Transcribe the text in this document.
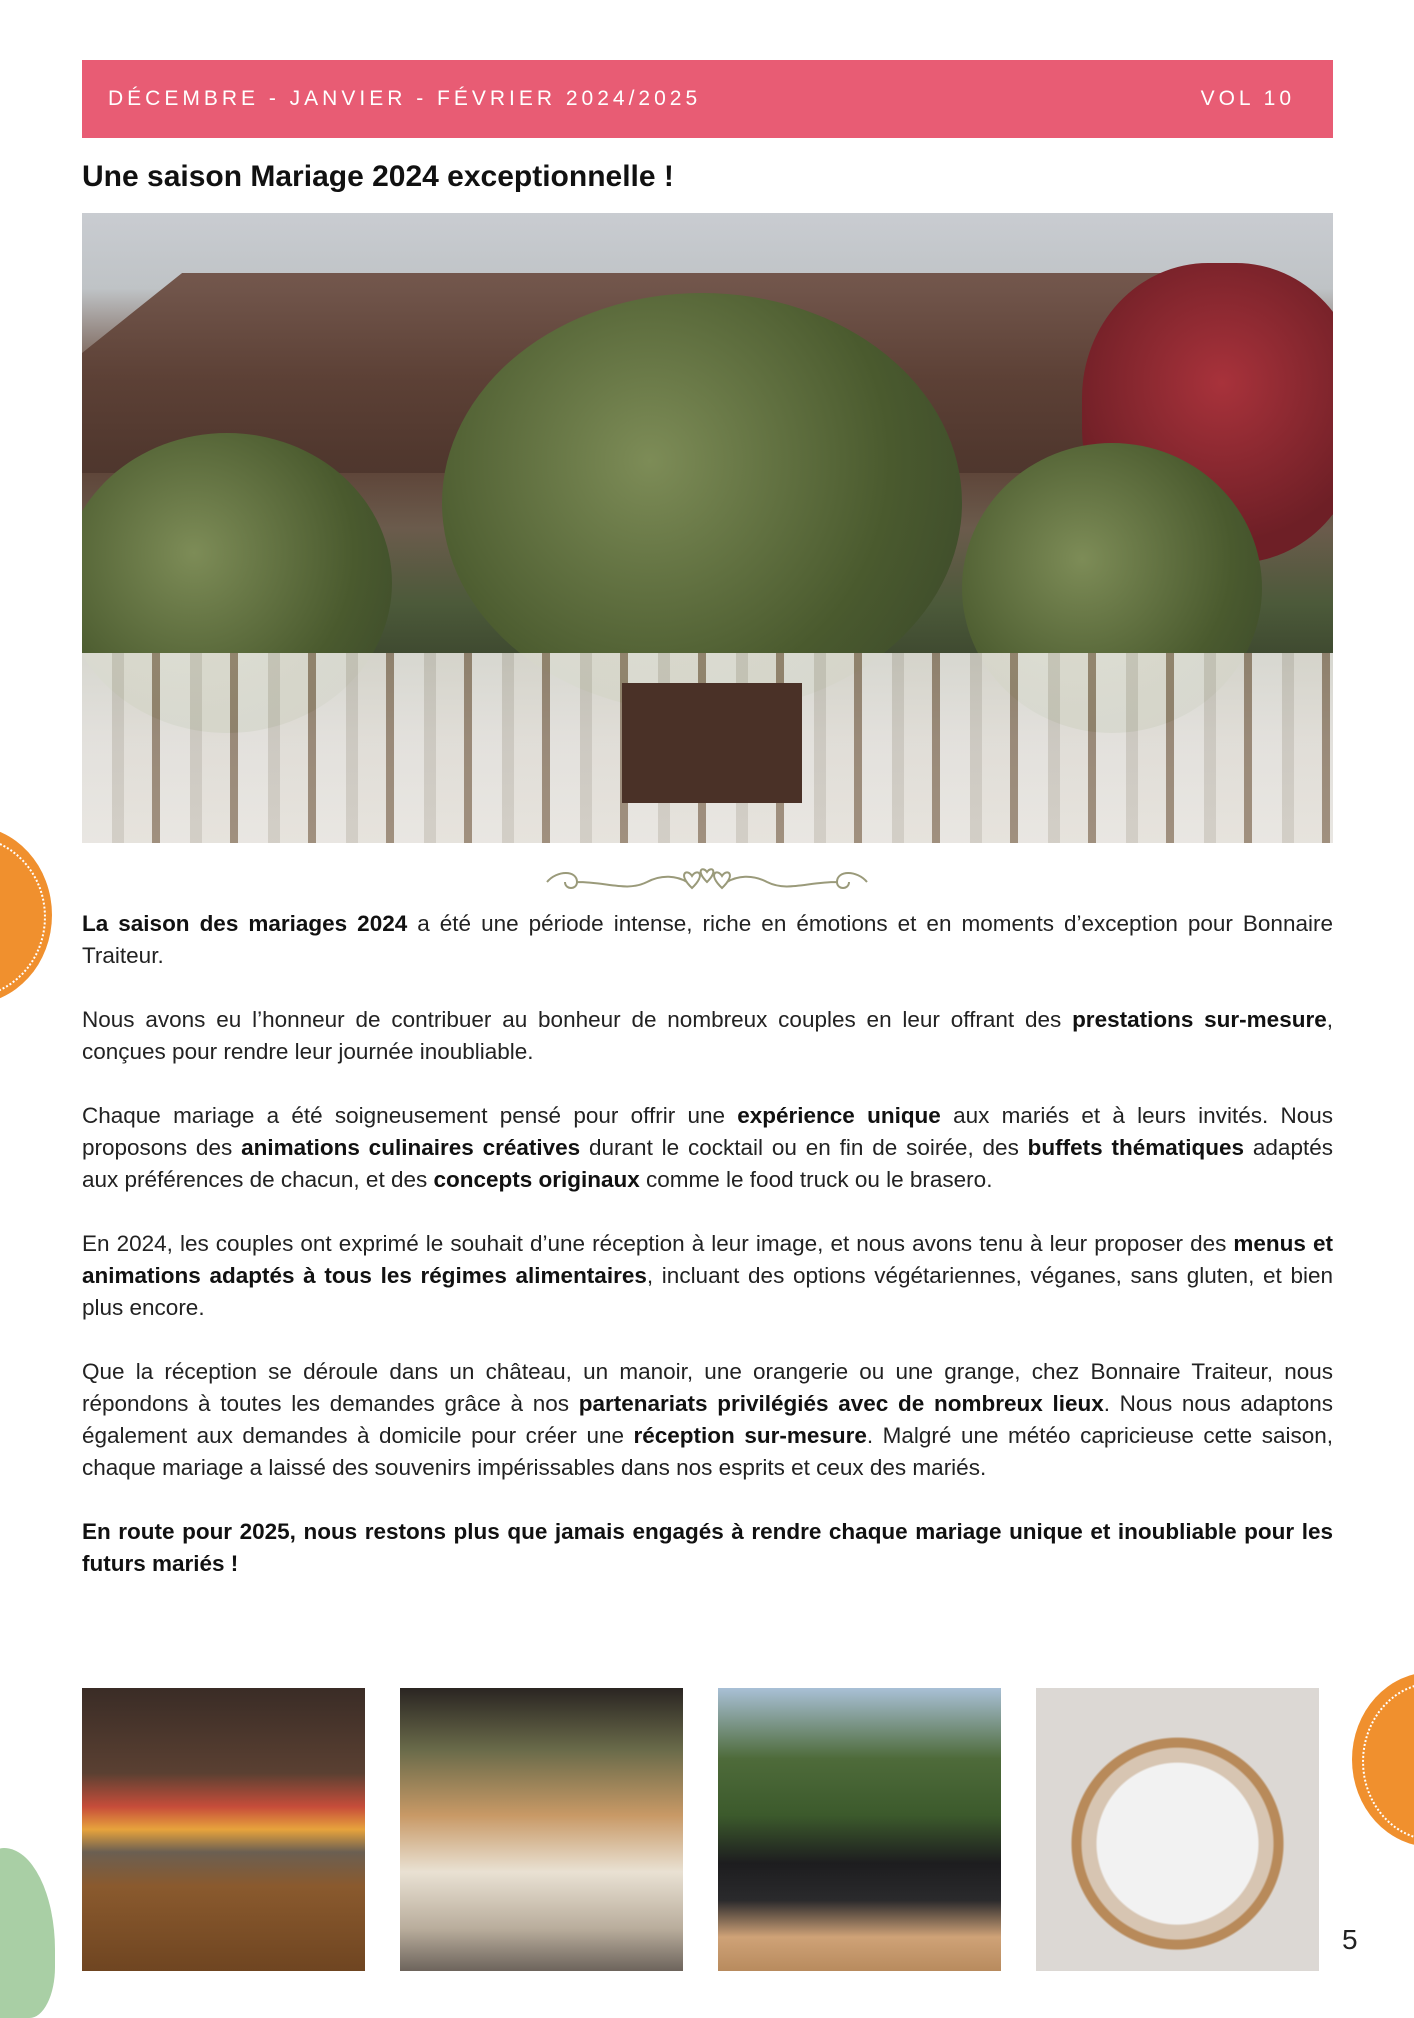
DÉCEMBRE - JANVIER - FÉVRIER 2024/2025	VOL 10
Une saison Mariage 2024 exceptionnelle !

La saison des mariages 2024 a été une période intense, riche en émotions et en moments d’exception pour Bonnaire Traiteur.

Nous avons eu l’honneur de contribuer au bonheur de nombreux couples en leur offrant des prestations sur-mesure, conçues pour rendre leur journée inoubliable.

Chaque mariage a été soigneusement pensé pour offrir une expérience unique aux mariés et à leurs invités. Nous proposons des animations culinaires créatives durant le cocktail ou en fin de soirée, des buffets thématiques adaptés aux préférences de chacun, et des concepts originaux comme le food truck ou le brasero.

En 2024, les couples ont exprimé le souhait d’une réception à leur image, et nous avons tenu à leur proposer des menus et animations adaptés à tous les régimes alimentaires, incluant des options végétariennes, véganes, sans gluten, et bien plus encore.

Que la réception se déroule dans un château, un manoir, une orangerie ou une grange, chez Bonnaire Traiteur, nous répondons à toutes les demandes grâce à nos partenariats privilégiés avec de nombreux lieux. Nous nous adaptons également aux demandes à domicile pour créer une réception sur-mesure. Malgré une météo capricieuse cette saison, chaque mariage a laissé des souvenirs impérissables dans nos esprits et ceux des mariés.

En route pour 2025, nous restons plus que jamais engagés à rendre chaque mariage unique et inoubliable pour les futurs mariés !

5
